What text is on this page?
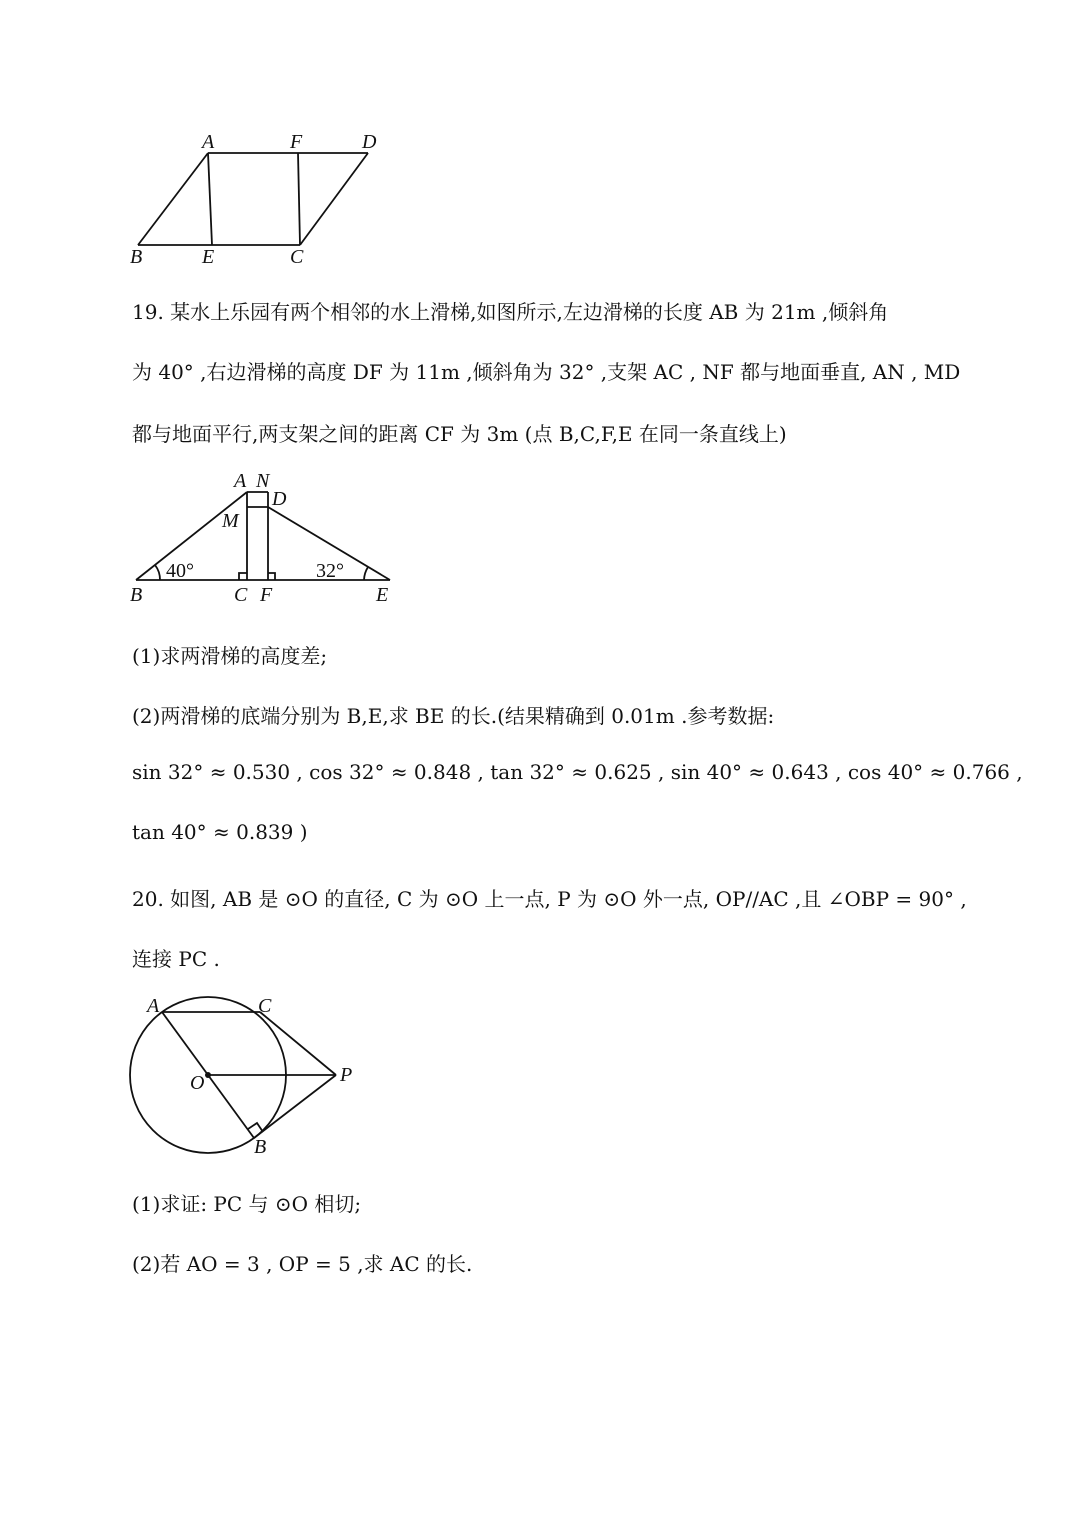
A	F	D
B	E	C
19. 某水上乐园有两个相邻的水上滑梯,如图所示,左边滑梯的长度 AB 为 21m ,倾斜角
为 40° ,右边滑梯的高度 DF 为 11m ,倾斜角为 32° ,支架 AC , NF 都与地面垂直, AN , MD
都与地面平行,两支架之间的距离 CF 为 3m (点 B,C,F,E 在同一条直线上)
A N
D
M
B	C F	E
40°	32°
(1)求两滑梯的高度差;
(2)两滑梯的底端分别为 B,E,求 BE 的长.(结果精确到 0.01m .参考数据:
sin 32° ≈ 0.530 , cos 32° ≈ 0.848 , tan 32° ≈ 0.625 , sin 40° ≈ 0.643 , cos 40° ≈ 0.766 ,
tan 40° ≈ 0.839 )
20. 如图, AB 是 ⊙O 的直径, C 为 ⊙O 上一点, P 为 ⊙O 外一点, OP//AC ,且 ∠OBP = 90° ,
连接 PC .
A	C
O	P
B
(1)求证: PC 与 ⊙O 相切;
(2)若 AO = 3 , OP = 5 ,求 AC 的长.
